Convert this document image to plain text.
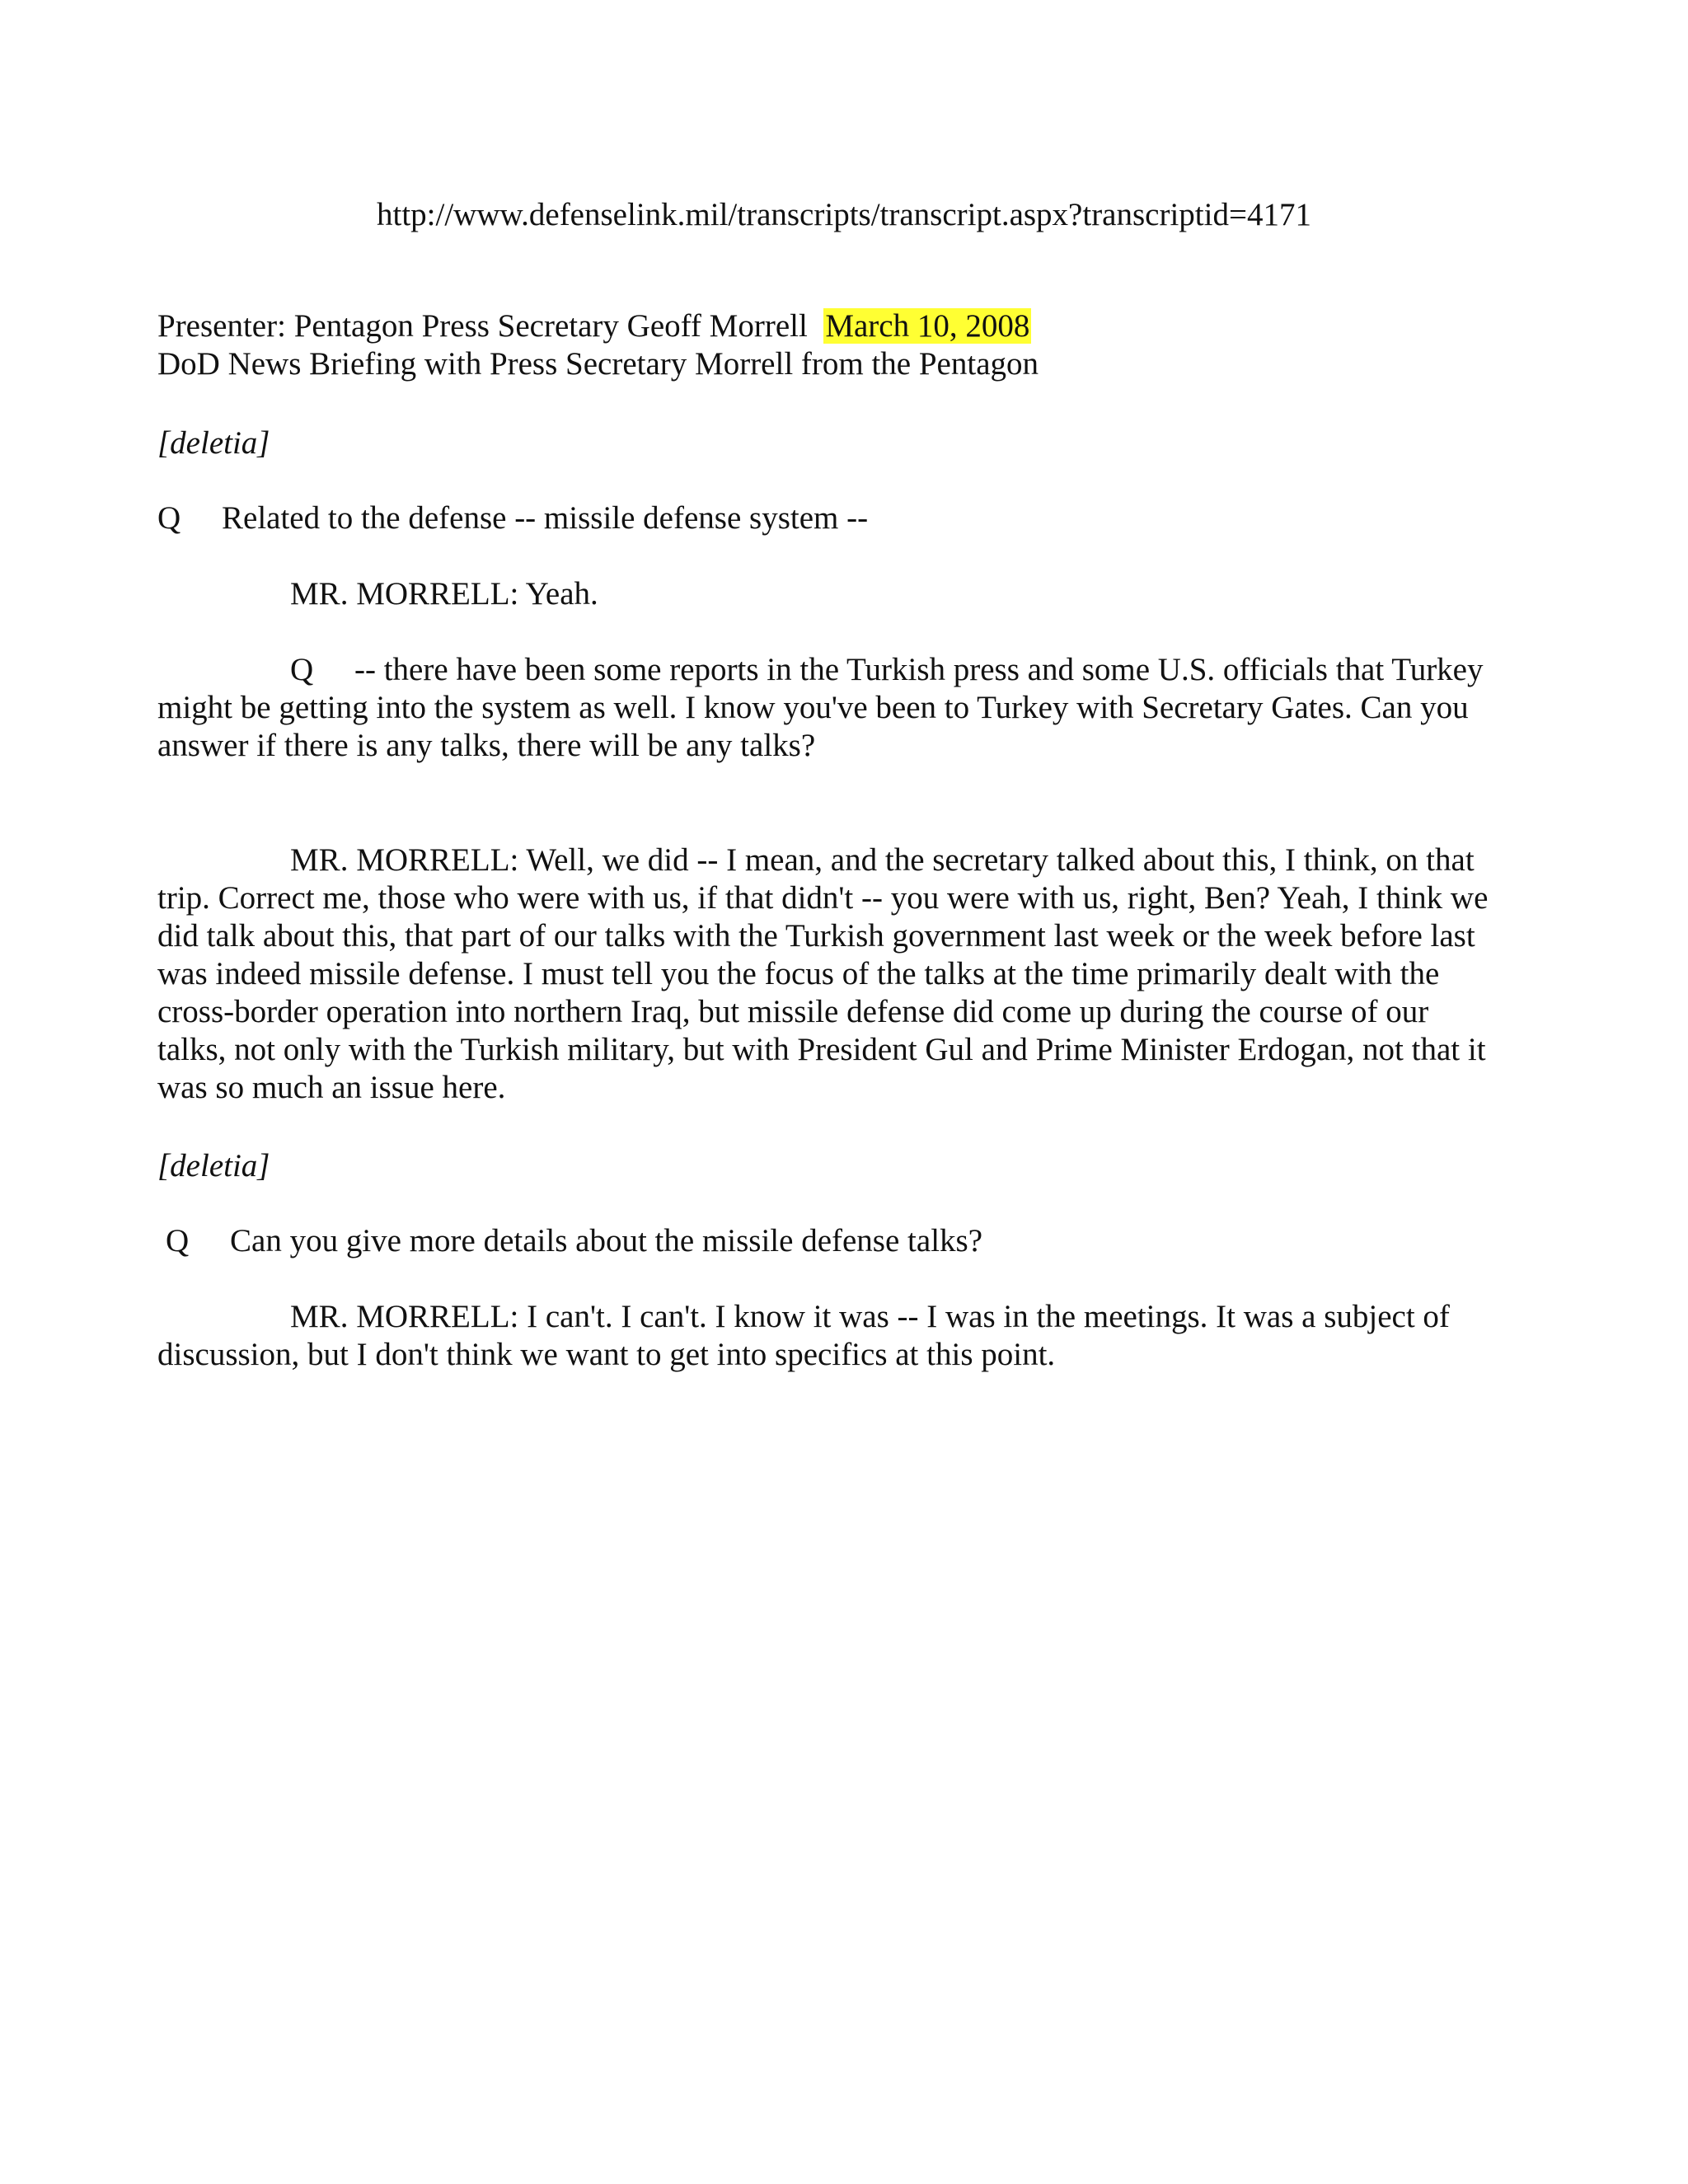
http://www.defenselink.mil/transcripts/transcript.aspx?transcriptid=4171

Presenter: Pentagon Press Secretary Geoff Morrell March 10, 2008

DoD News Briefing with Press Secretary Morrell from the Pentagon

[deletia]

Q Related to the defense -- missile defense system --

MR. MORRELL: Yeah.

Q -- there have been some reports in the Turkish press and some U.S. officials that Turkey

might be getting into the system as well. I know you've been to Turkey with Secretary Gates. Can you

answer if there is any talks, there will be any talks?

MR. MORRELL: Well, we did -- I mean, and the secretary talked about this, I think, on that

trip. Correct me, those who were with us, if that didn't -- you were with us, right, Ben? Yeah, I think we

did talk about this, that part of our talks with the Turkish government last week or the week before last

was indeed missile defense. I must tell you the focus of the talks at the time primarily dealt with the

cross-border operation into northern Iraq, but missile defense did come up during the course of our

talks, not only with the Turkish military, but with President Gul and Prime Minister Erdogan, not that it

was so much an issue here.

[deletia]

Q Can you give more details about the missile defense talks?

MR. MORRELL: I can't. I can't. I know it was -- I was in the meetings. It was a subject of

discussion, but I don't think we want to get into specifics at this point.
